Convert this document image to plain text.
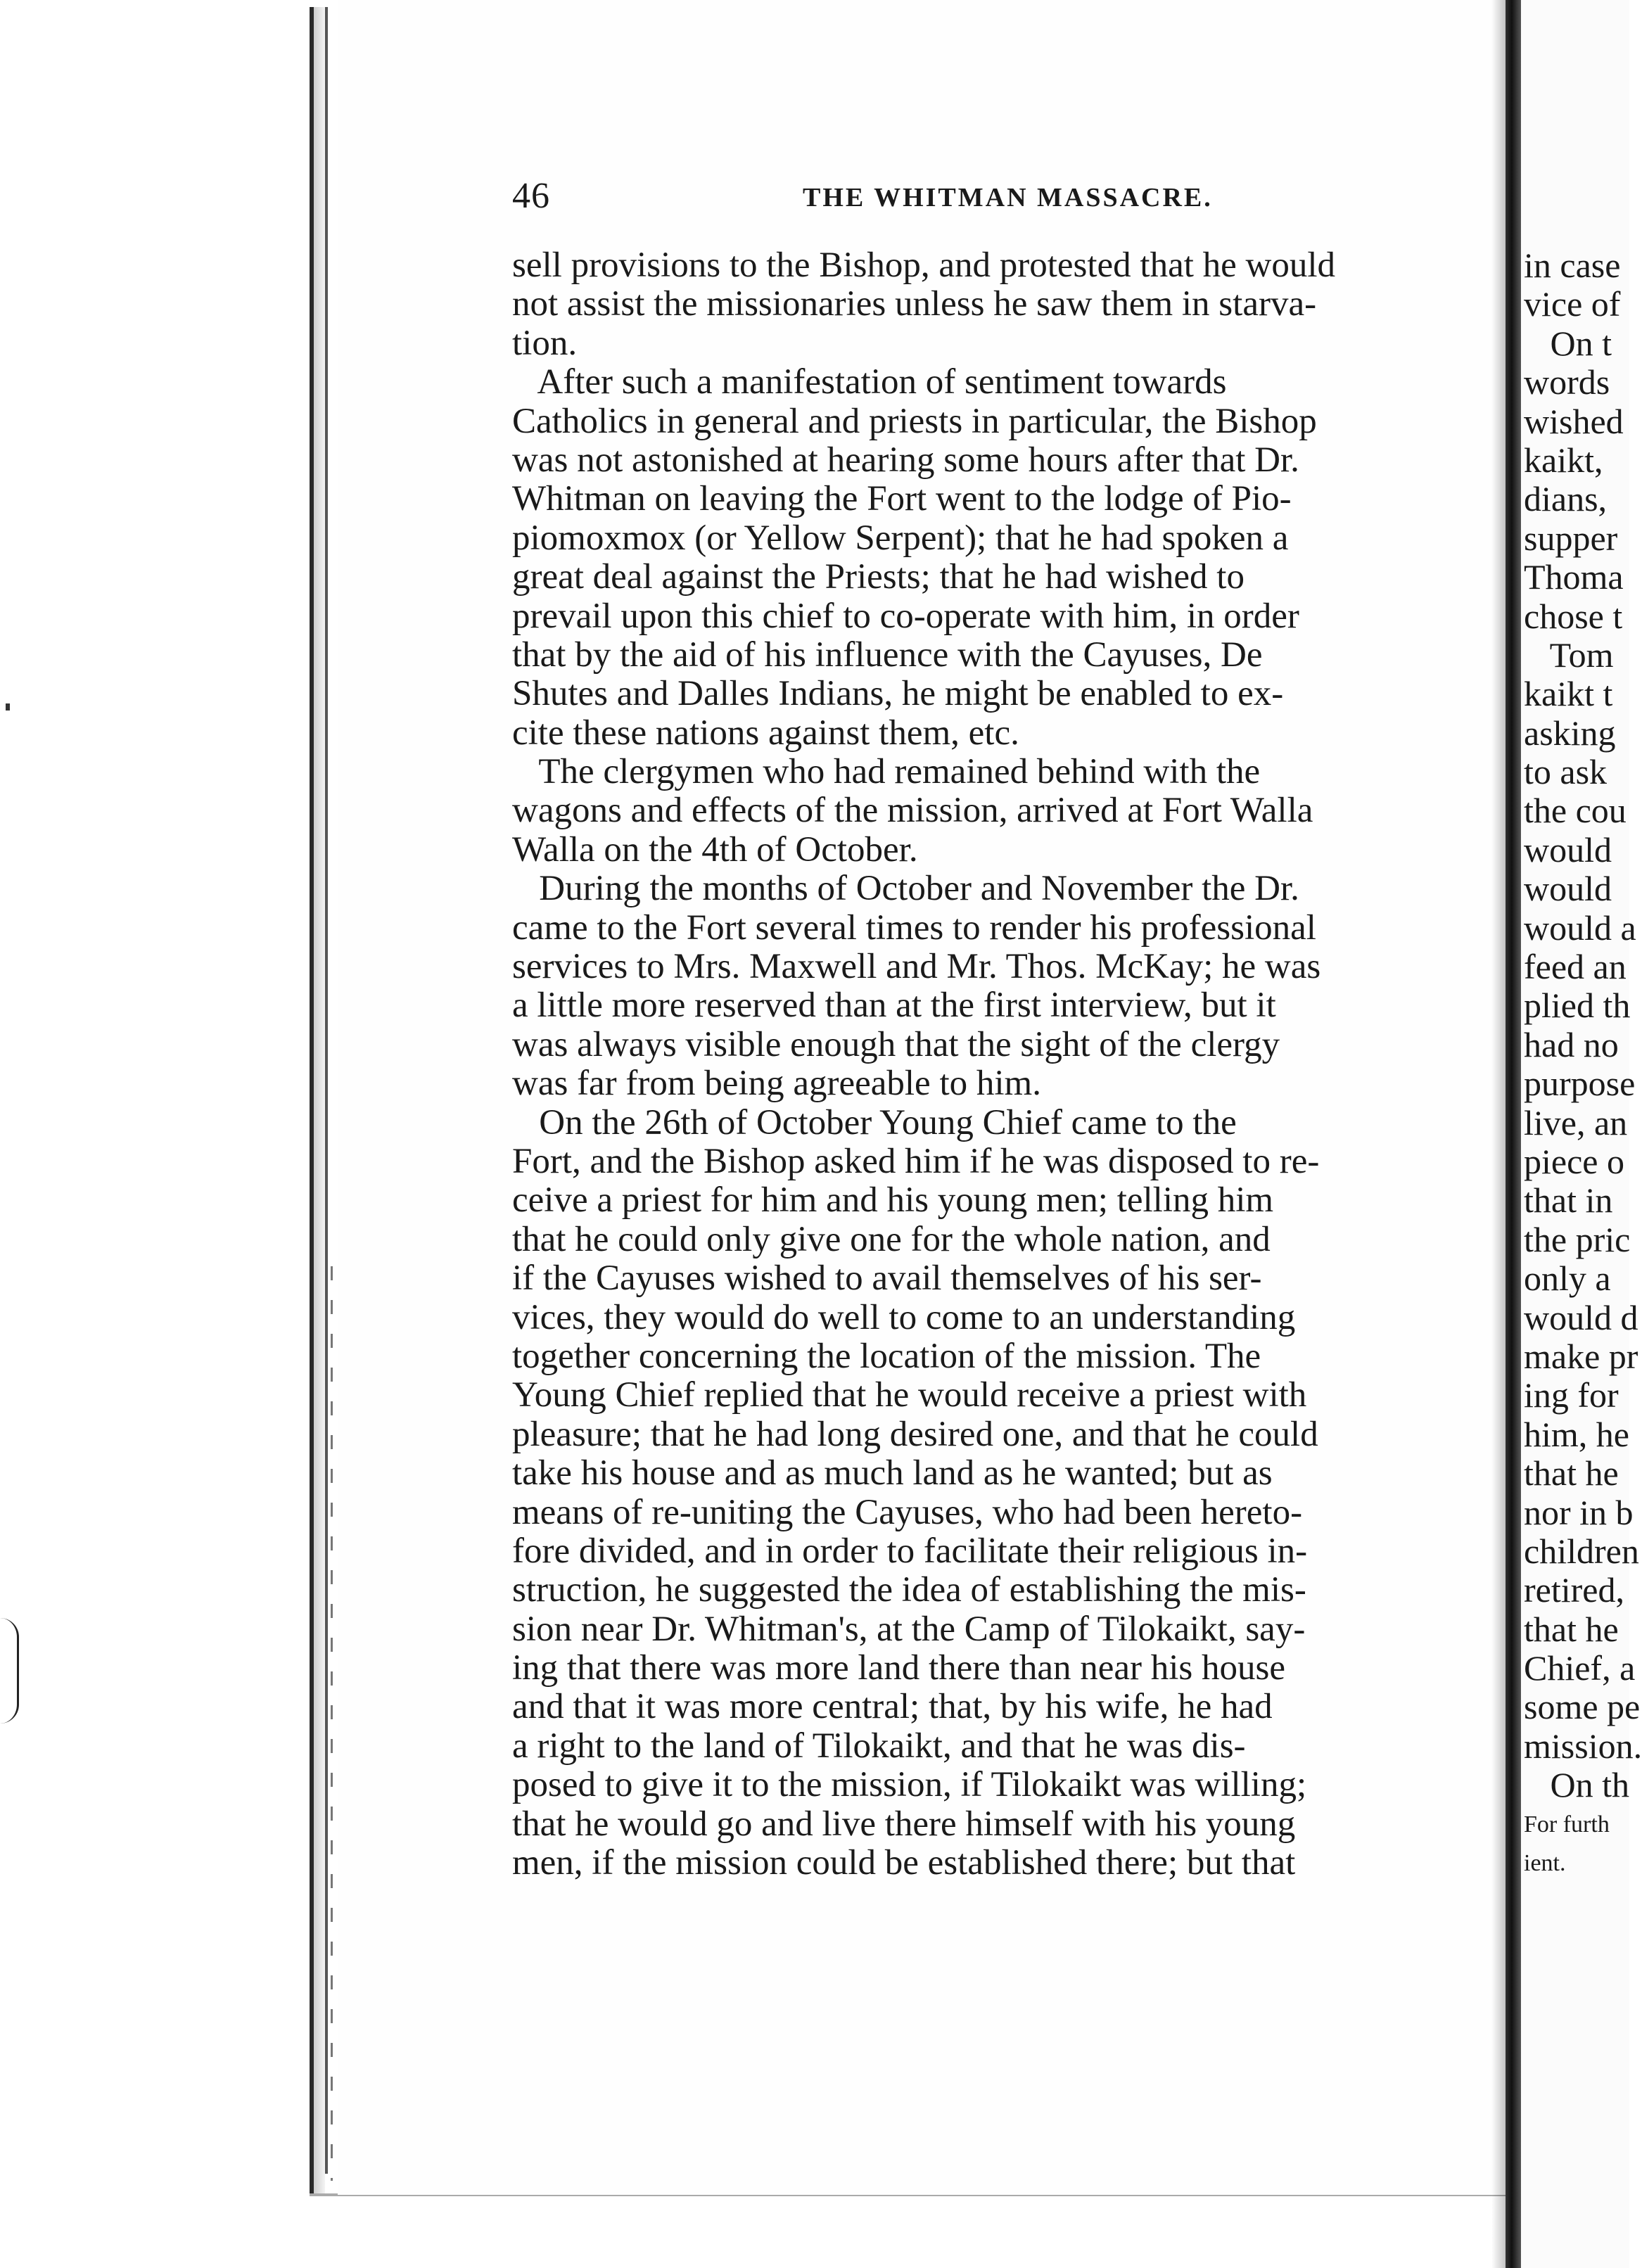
46	THE WHITMAN MASSACRE.
sell provisions to the Bishop, and protested that he would
not assist the missionaries unless he saw them in starva-
tion.
After such a manifestation of sentiment towards
Catholics in general and priests in particular, the Bishop
was not astonished at hearing some hours after that Dr.
Whitman on leaving the Fort went to the lodge of Pio-
piomoxmox (or Yellow Serpent); that he had spoken a
great deal against the Priests; that he had wished to
prevail upon this chief to co-operate with him, in order
that by the aid of his influence with the Cayuses, De
Shutes and Dalles Indians, he might be enabled to ex-
cite these nations against them, etc.
The clergymen who had remained behind with the
wagons and effects of the mission, arrived at Fort Walla
Walla on the 4th of October.
During the months of October and November the Dr.
came to the Fort several times to render his professional
services to Mrs. Maxwell and Mr. Thos. McKay; he was
a little more reserved than at the first interview, but it
was always visible enough that the sight of the clergy
was far from being agreeable to him.
On the 26th of October Young Chief came to the
Fort, and the Bishop asked him if he was disposed to re-
ceive a priest for him and his young men; telling him
that he could only give one for the whole nation, and
if the Cayuses wished to avail themselves of his ser-
vices, they would do well to come to an understanding
together concerning the location of the mission. The
Young Chief replied that he would receive a priest with
pleasure; that he had long desired one, and that he could
take his house and as much land as he wanted; but as
means of re-uniting the Cayuses, who had been hereto-
fore divided, and in order to facilitate their religious in-
struction, he suggested the idea of establishing the mis-
sion near Dr. Whitman's, at the Camp of Tilokaikt, say-
ing that there was more land there than near his house
and that it was more central; that, by his wife, he had
a right to the land of Tilokaikt, and that he was dis-
posed to give it to the mission, if Tilokaikt was willing;
that he would go and live there himself with his young
men, if the mission could be established there; but that
in case
vice of
On t
words
wished
kaikt,
dians,
supper
Thoma
chose t
Tom
kaikt t
asking
to ask
the cou
would
would
would a
feed an
plied th
had no
purpose
live, an
piece o
that in
the pric
only a
would d
make pr
ing for
him, he
that he
nor in b
children
retired,
that he
Chief, a
some pe
mission.
On th
For furth
ient.
